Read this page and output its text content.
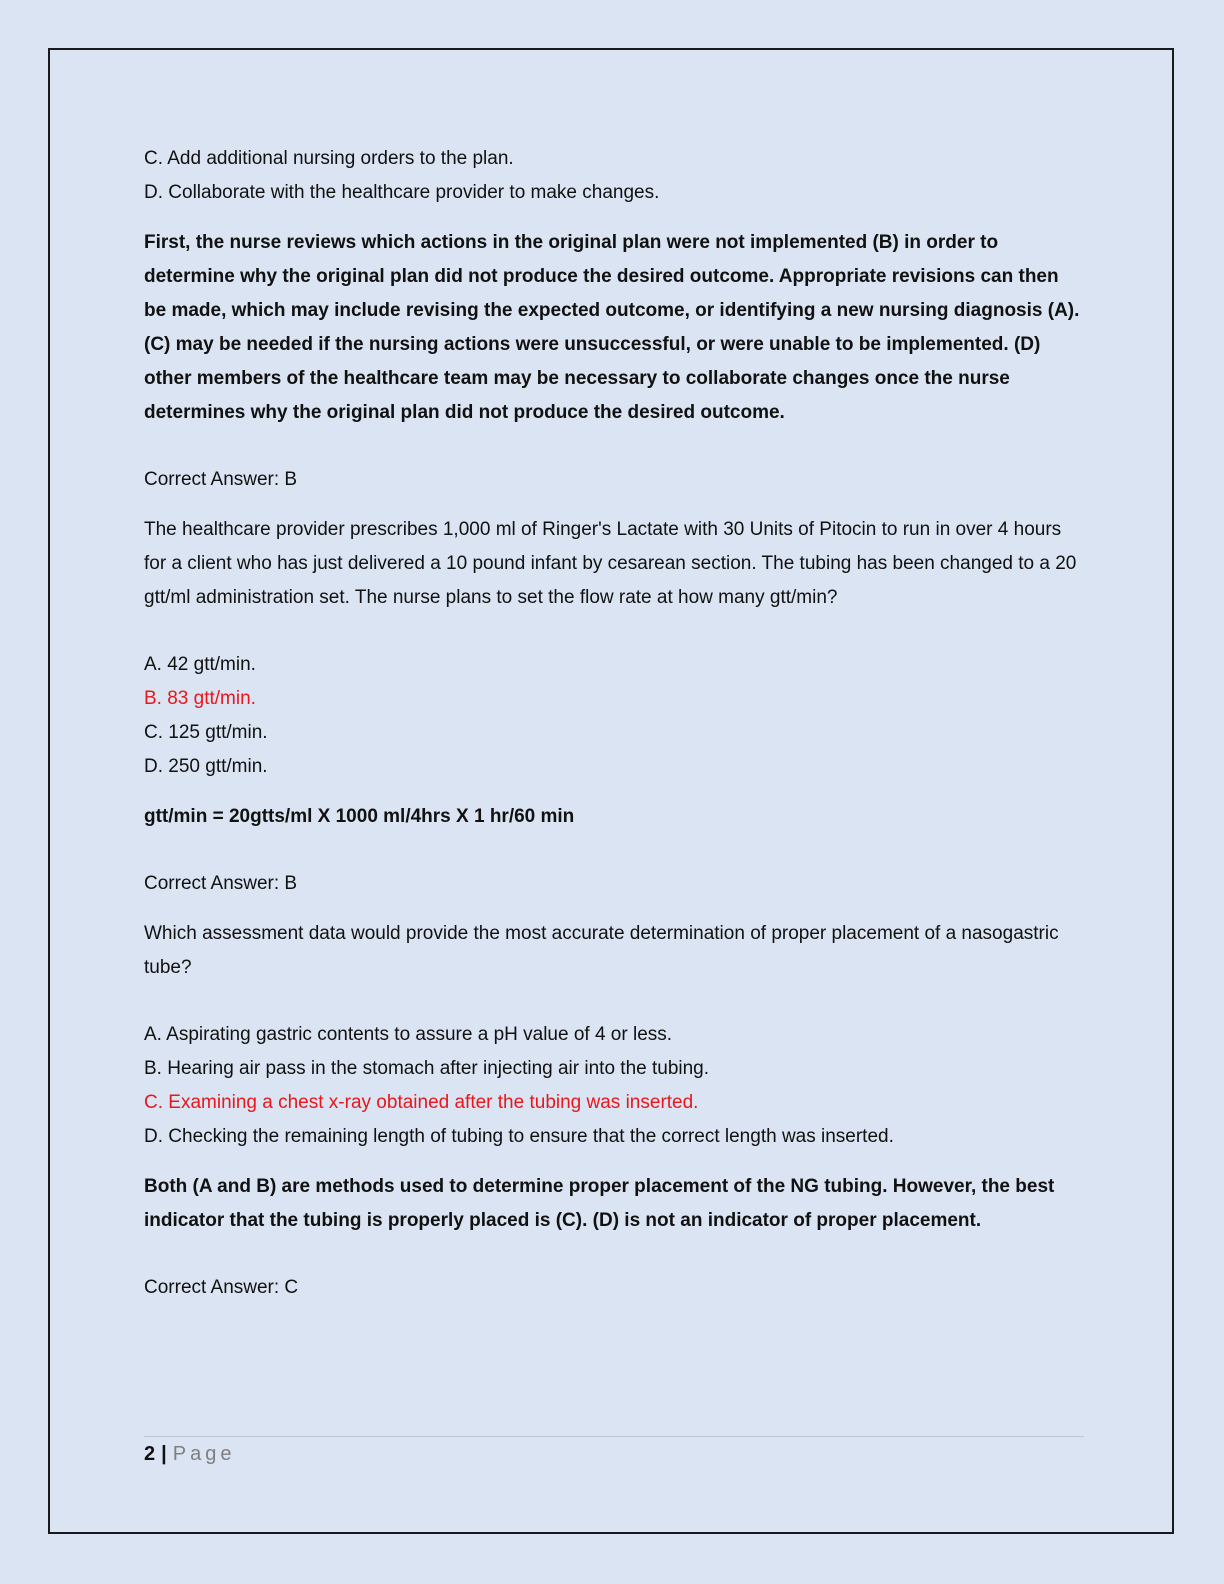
C. Add additional nursing orders to the plan.

D. Collaborate with the healthcare provider to make changes.

First, the nurse reviews which actions in the original plan were not implemented (B) in order to determine why the original plan did not produce the desired outcome. Appropriate revisions can then be made, which may include revising the expected outcome, or identifying a new nursing diagnosis (A). (C) may be needed if the nursing actions were unsuccessful, or were unable to be implemented. (D) other members of the healthcare team may be necessary to collaborate changes once the nurse determines why the original plan did not produce the desired outcome.

Correct Answer: B

The healthcare provider prescribes 1,000 ml of Ringer's Lactate with 30 Units of Pitocin to run in over 4 hours for a client who has just delivered a 10 pound infant by cesarean section. The tubing has been changed to a 20 gtt/ml administration set. The nurse plans to set the flow rate at how many gtt/min?

A. 42 gtt/min.

B. 83 gtt/min.

C. 125 gtt/min.

D. 250 gtt/min.

gtt/min = 20gtts/ml X 1000 ml/4hrs X 1 hr/60 min

Correct Answer: B

Which assessment data would provide the most accurate determination of proper placement of a nasogastric tube?

A. Aspirating gastric contents to assure a pH value of 4 or less.

B. Hearing air pass in the stomach after injecting air into the tubing.

C. Examining a chest x-ray obtained after the tubing was inserted.

D. Checking the remaining length of tubing to ensure that the correct length was inserted.

Both (A and B) are methods used to determine proper placement of the NG tubing. However, the best indicator that the tubing is properly placed is (C). (D) is not an indicator of proper placement.

Correct Answer: C

2 | Page
